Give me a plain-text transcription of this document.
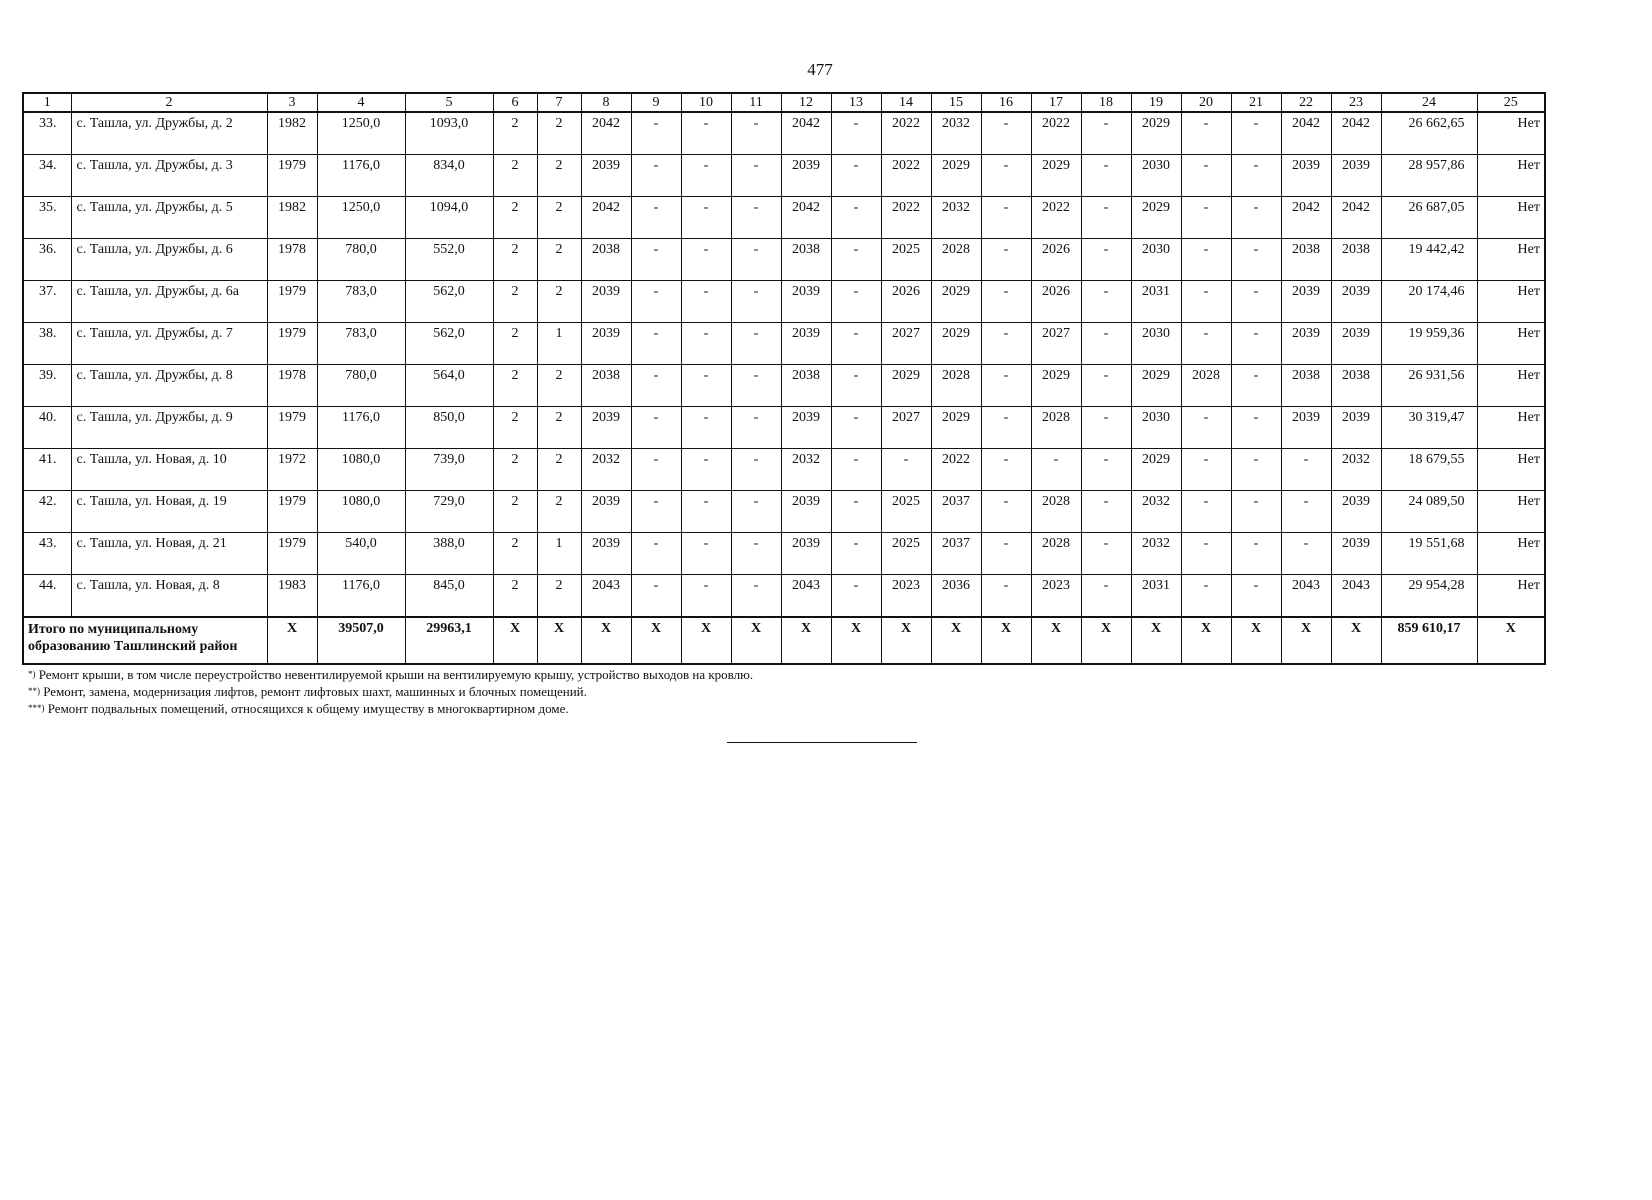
477
1	2	3	4	5	6	7	8	9	10	11	12	13	14	15	16	17	18	19	20	21	22	23	24	25
33.	с. Ташла, ул. Дружбы, д. 2	1982	1250,0	1093,0	2	2	2042	-	-	-	2042	-	2022	2032	-	2022	-	2029	-	-	2042	2042	26 662,65	Нет
34.	с. Ташла, ул. Дружбы, д. 3	1979	1176,0	834,0	2	2	2039	-	-	-	2039	-	2022	2029	-	2029	-	2030	-	-	2039	2039	28 957,86	Нет
35.	с. Ташла, ул. Дружбы, д. 5	1982	1250,0	1094,0	2	2	2042	-	-	-	2042	-	2022	2032	-	2022	-	2029	-	-	2042	2042	26 687,05	Нет
36.	с. Ташла, ул. Дружбы, д. 6	1978	780,0	552,0	2	2	2038	-	-	-	2038	-	2025	2028	-	2026	-	2030	-	-	2038	2038	19 442,42	Нет
37.	с. Ташла, ул. Дружбы, д. 6а	1979	783,0	562,0	2	2	2039	-	-	-	2039	-	2026	2029	-	2026	-	2031	-	-	2039	2039	20 174,46	Нет
38.	с. Ташла, ул. Дружбы, д. 7	1979	783,0	562,0	2	1	2039	-	-	-	2039	-	2027	2029	-	2027	-	2030	-	-	2039	2039	19 959,36	Нет
39.	с. Ташла, ул. Дружбы, д. 8	1978	780,0	564,0	2	2	2038	-	-	-	2038	-	2029	2028	-	2029	-	2029	2028	-	2038	2038	26 931,56	Нет
40.	с. Ташла, ул. Дружбы, д. 9	1979	1176,0	850,0	2	2	2039	-	-	-	2039	-	2027	2029	-	2028	-	2030	-	-	2039	2039	30 319,47	Нет
41.	с. Ташла, ул. Новая, д. 10	1972	1080,0	739,0	2	2	2032	-	-	-	2032	-	-	2022	-	-	-	2029	-	-	-	2032	18 679,55	Нет
42.	с. Ташла, ул. Новая, д. 19	1979	1080,0	729,0	2	2	2039	-	-	-	2039	-	2025	2037	-	2028	-	2032	-	-	-	2039	24 089,50	Нет
43.	с. Ташла, ул. Новая, д. 21	1979	540,0	388,0	2	1	2039	-	-	-	2039	-	2025	2037	-	2028	-	2032	-	-	-	2039	19 551,68	Нет
44.	с. Ташла, ул. Новая, д. 8	1983	1176,0	845,0	2	2	2043	-	-	-	2043	-	2023	2036	-	2023	-	2031	-	-	2043	2043	29 954,28	Нет
Итого по муниципальному образованию Ташлинский район		X	39507,0	29963,1	X	X	X	X	X	X	X	X	X	X	X	X	X	X	X	X	X	X	859 610,17	X
*) Ремонт крыши, в том числе переустройство невентилируемой крыши на вентилируемую крышу, устройство выходов на кровлю.
**) Ремонт, замена, модернизация лифтов, ремонт лифтовых шахт, машинных и блочных помещений.
***) Ремонт подвальных помещений, относящихся к общему имуществу в многоквартирном доме.
